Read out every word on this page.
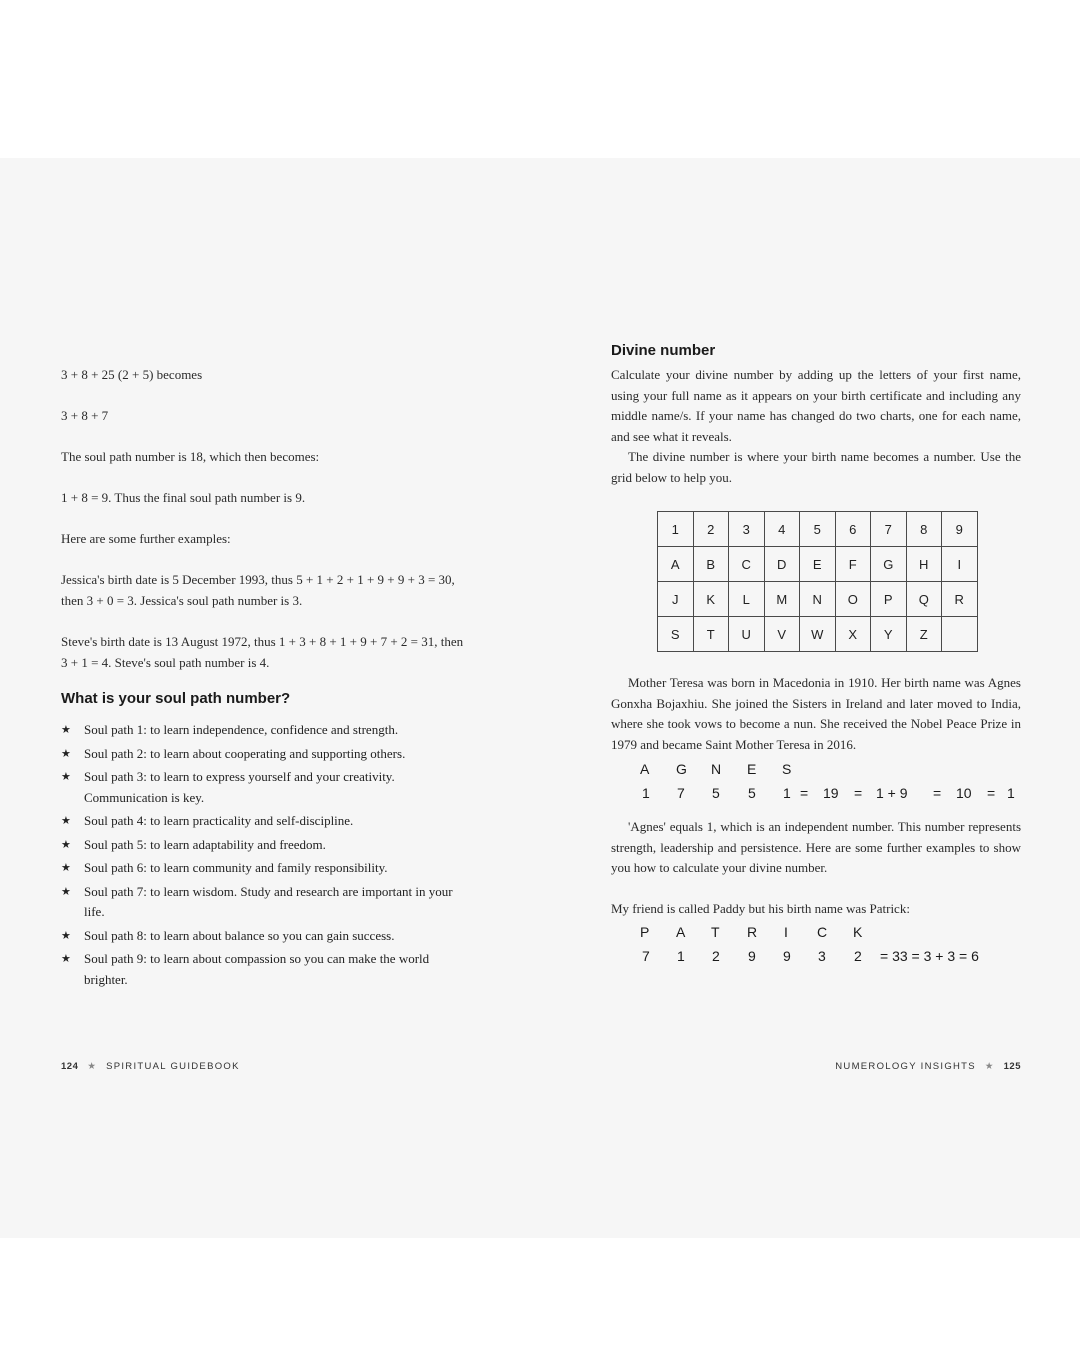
3 + 8 + 25 (2 + 5) becomes

3 + 8 + 7

The soul path number is 18, which then becomes:

1 + 8 = 9. Thus the final soul path number is 9.

Here are some further examples:

Jessica's birth date is 5 December 1993, thus 5 + 1 + 2 + 1 + 9 + 9 + 3 = 30, then 3 + 0 = 3. Jessica's soul path number is 3.

Steve's birth date is 13 August 1972, thus 1 + 3 + 8 + 1 + 9 + 7 + 2 = 31, then 3 + 1 = 4. Steve's soul path number is 4.

What is your soul path number?
★ Soul path 1: to learn independence, confidence and strength.
★ Soul path 2: to learn about cooperating and supporting others.
★ Soul path 3: to learn to express yourself and your creativity. Communication is key.
★ Soul path 4: to learn practicality and self-discipline.
★ Soul path 5: to learn adaptability and freedom.
★ Soul path 6: to learn community and family responsibility.
★ Soul path 7: to learn wisdom. Study and research are important in your life.
★ Soul path 8: to learn about balance so you can gain success.
★ Soul path 9: to learn about compassion so you can make the world brighter.
124 ★ SPIRITUAL GUIDEBOOK
Divine number

Calculate your divine number by adding up the letters of your first name, using your full name as it appears on your birth certificate and including any middle name/s. If your name has changed do two charts, one for each name, and see what it reveals.

The divine number is where your birth name becomes a number. Use the grid below to help you.

1	2	3	4	5	6	7	8	9
A	B	C	D	E	F	G	H	I
J	K	L	M	N	O	P	Q	R
S	T	U	V	W	X	Y	Z	

Mother Teresa was born in Macedonia in 1910. Her birth name was Agnes Gonxha Bojaxhiu. She joined the Sisters in Ireland and later moved to India, where she took vows to become a nun. She received the Nobel Peace Prize in 1979 and became Saint Mother Teresa in 2016.

A G N E S
1 7 5 5 1 = 19 = 1 + 9 = 10 = 1

'Agnes' equals 1, which is an independent number. This number represents strength, leadership and persistence. Here are some further examples to show you how to calculate your divine number.

My friend is called Paddy but his birth name was Patrick:

P A T R I C K
7 1 2 9 9 3 2 = 33 = 3 + 3 = 6
NUMEROLOGY INSIGHTS ★ 125
